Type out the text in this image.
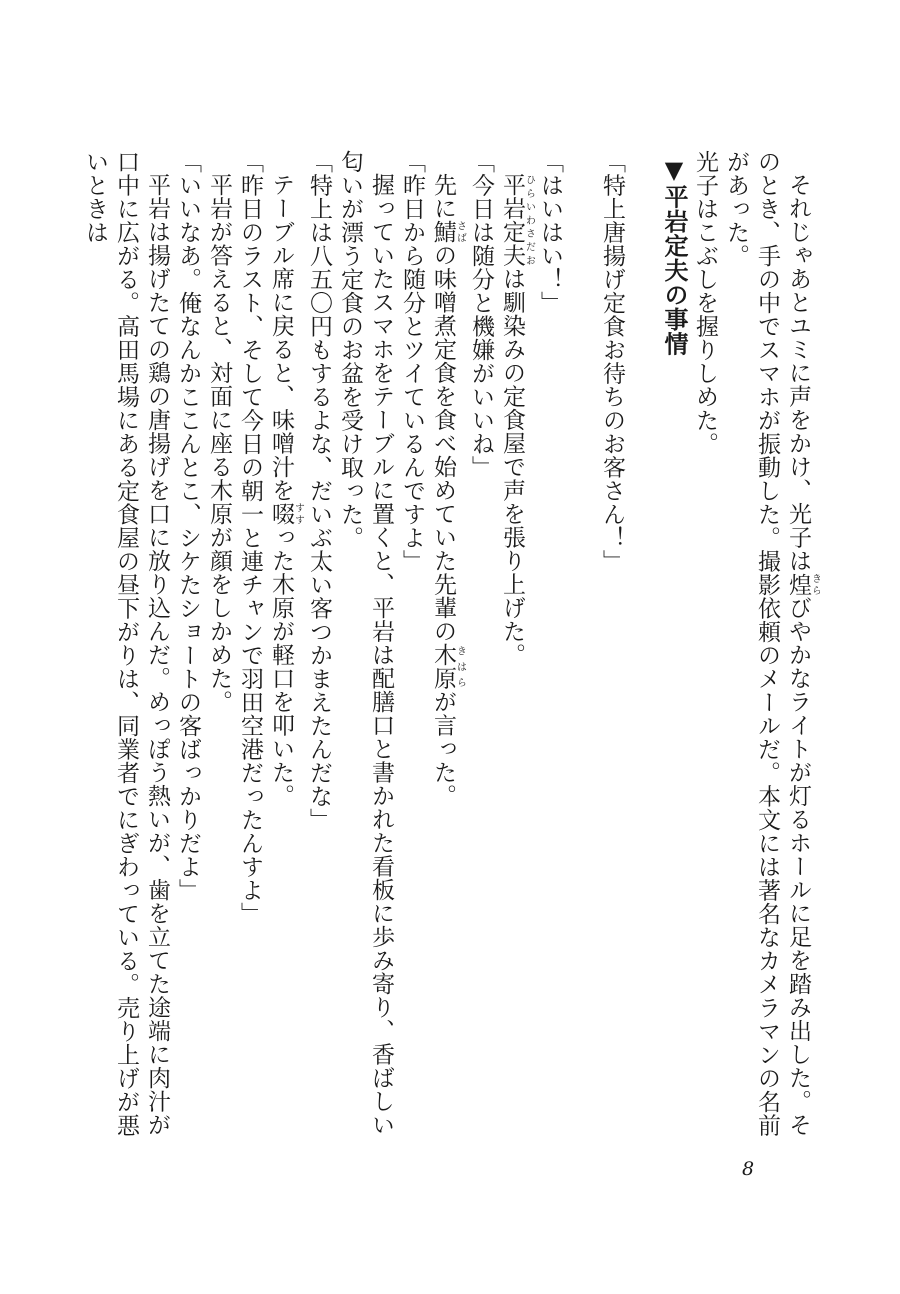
それじゃあとユミに声をかけ、光子は煌きらびやかなライトが灯るホールに足を踏み出した。そのとき、手の中でスマホが振動した。撮影依頼のメールだ。本文には著名なカメラマンの名前があった。

光子はこぶしを握りしめた。

▼平岩定夫の事情

「特上唐揚げ定食お待ちのお客さん！」

「はいはい！」

平岩定夫ひらいわさだおは馴染みの定食屋で声を張り上げた。

「今日は随分と機嫌がいいね」

先に鯖さばの味噌煮定食を食べ始めていた先輩の木原きはらが言った。

「昨日から随分とツイているんですよ」

握っていたスマホをテーブルに置くと、平岩は配膳口と書かれた看板に歩み寄り、香ばしい匂いが漂う定食のお盆を受け取った。

「特上は八五〇円もするよな、だいぶ太い客つかまえたんだな」

テーブル席に戻ると、味噌汁を啜すすった木原が軽口を叩いた。

「昨日のラスト、そして今日の朝一と連チャンで羽田空港だったんすよ」

平岩が答えると、対面に座る木原が顔をしかめた。

「いいなあ。俺なんかここんとこ、シケたショートの客ばっかりだよ」

平岩は揚げたての鶏の唐揚げを口に放り込んだ。めっぽう熱いが、歯を立てた途端に肉汁が口中に広がる。高田馬場にある定食屋の昼下がりは、同業者でにぎわっている。売り上げが悪いときは

8
